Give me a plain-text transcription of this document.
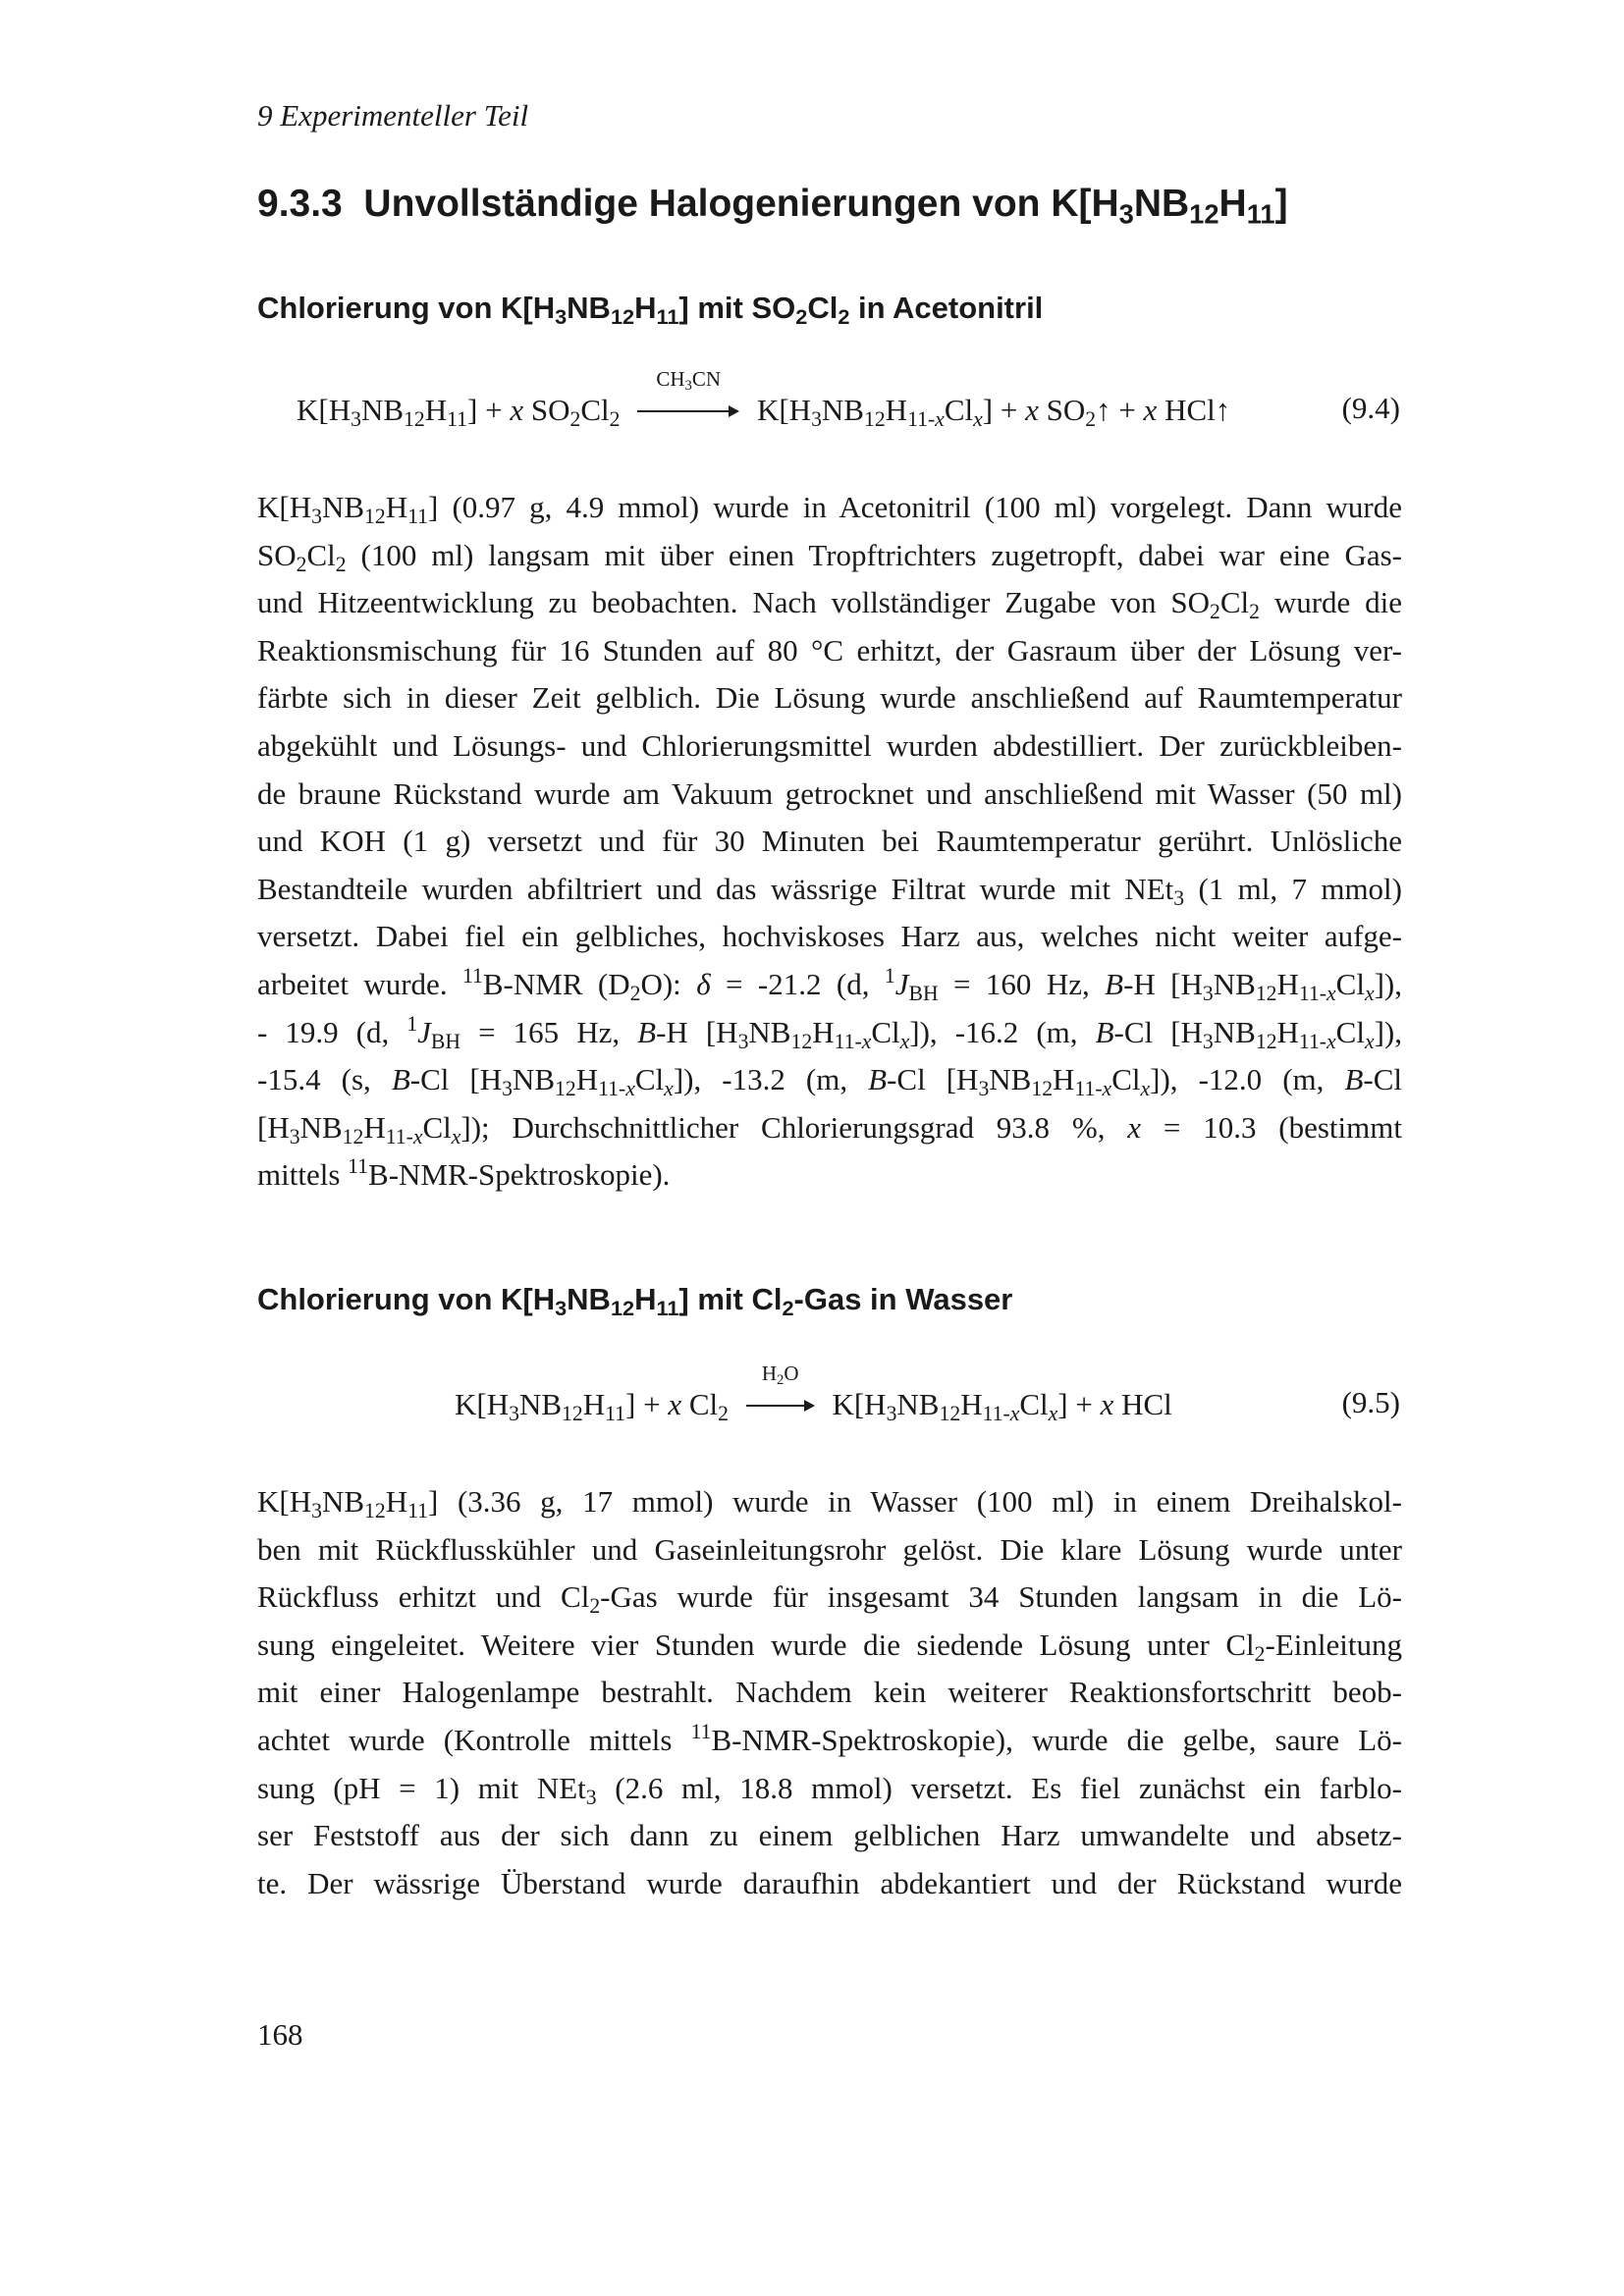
9 Experimenteller Teil
9.3.3  Unvollständige Halogenierungen von $K[H_3NB_{12}H_{11}]$
Chlorierung von $K[H_3NB_{12}H_{11}]$ mit $SO_2Cl_2$ in Acetonitril
$K[H_3NB_{12}H_{11}] + x$ $SO_2Cl_2$
$CH_3CN$
$K[H_3NB_{12}H_{11-x}Cl_x] + x$ $SO_2↑ + x$ HCl↑	(9.4)
$K[H_3NB_{12}H_{11}]$ (0.97 g, 4.9 mmol) wurde in Acetonitril (100 ml) vorgelegt. Dann wurde
$SO_2Cl_2$ (100 ml) langsam mit über einen Tropftrichters zugetropft, dabei war eine Gas-
und Hitzeentwicklung zu beobachten. Nach vollständiger Zugabe von $SO_2Cl_2$ wurde die
Reaktionsmischung für 16 Stunden auf 80 °C erhitzt, der Gasraum über der Lösung ver-
färbte sich in dieser Zeit gelblich. Die Lösung wurde anschließend auf Raumtemperatur
abgekühlt und Lösungs- und Chlorierungsmittel wurden abdestilliert. Der zurückbleiben-
de braune Rückstand wurde am Vakuum getrocknet und anschließend mit Wasser (50 ml)
und KOH (1 g) versetzt und für 30 Minuten bei Raumtemperatur gerührt. Unlösliche
Bestandteile wurden abfiltriert und das wässrige Filtrat wurde mit NEt$_3$ (1 ml, 7 mmol)
versetzt. Dabei fiel ein gelbliches, hochviskoses Harz aus, welches nicht weiter aufge-
arbeitet wurde. $^{11}$B-NMR $(D_2O)$: δ = -21.2 (d, $^1J_{BH} = 160$ Hz, B-H $[H_3NB_{12}H_{11-x}Cl_x]$),
- 19.9 (d, $^1J_{BH} = 165$ Hz, B-H $[H_3NB_{12}H_{11-x}Cl_x]$), -16.2 (m, B-Cl $[H_3NB_{12}H_{11-x}Cl_x]$),
-15.4 (s, B-Cl $[H_3NB_{12}H_{11-x}Cl_x]$), -13.2 (m, B-Cl $[H_3NB_{12}H_{11-x}Cl_x]$), -12.0 (m, B-Cl
$[H_3NB_{12}H_{11-x}Cl_x]$); Durchschnittlicher Chlorierungsgrad 93.8 %, x = 10.3 (bestimmt
mittels $^{11}$B-NMR-Spektroskopie).
Chlorierung von $K[H_3NB_{12}H_{11}]$ mit $Cl_2$-Gas in Wasser
$K[H_3NB_{12}H_{11}] + x$ $Cl_2$
$H_2O$
$K[H_3NB_{12}H_{11-x}Cl_x] + x$ HCl	(9.5)
$K[H_3NB_{12}H_{11}]$ (3.36 g, 17 mmol) wurde in Wasser (100 ml) in einem Dreihalskol-
ben mit Rückflusskühler und Gaseinleitungsrohr gelöst. Die klare Lösung wurde unter
Rückfluss erhitzt und $Cl_2$-Gas wurde für insgesamt 34 Stunden langsam in die Lö-
sung eingeleitet. Weitere vier Stunden wurde die siedende Lösung unter $Cl_2$-Einleitung
mit einer Halogenlampe bestrahlt. Nachdem kein weiterer Reaktionsfortschritt beob-
achtet wurde (Kontrolle mittels $^{11}$B-NMR-Spektroskopie), wurde die gelbe, saure Lö-
sung (pH = 1) mit NEt$_3$ (2.6 ml, 18.8 mmol) versetzt. Es fiel zunächst ein farblo-
ser Feststoff aus der sich dann zu einem gelblichen Harz umwandelte und absetz-
te. Der wässrige Überstand wurde daraufhin abdekantiert und der Rückstand wurde
168
